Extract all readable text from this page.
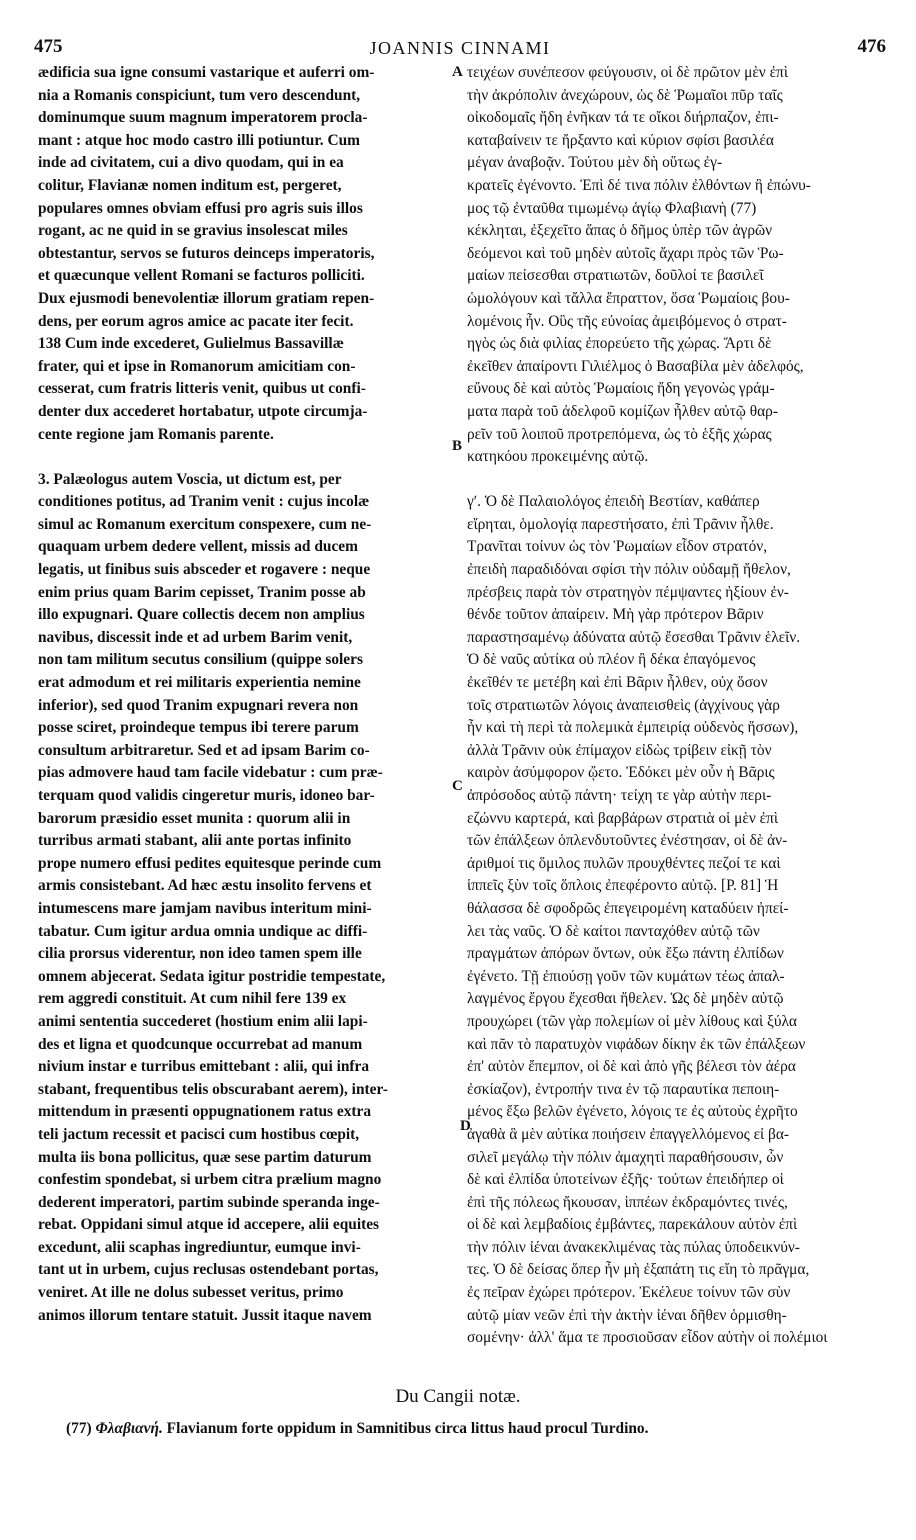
475	JOANNIS CINNAMI	476
ædificia sua igne consumi vastarique et auferri om-
nia a Romanis conspiciunt, tum vero descendunt,
dominumque suum magnum imperatorem procla-
mant : atque hoc modo castro illi potiuntur. Cum
inde ad civitatem, cui a divo quodam, qui in ea
colitur, Flavianæ nomen inditum est, pergeret,
populares omnes obviam effusi pro agris suis illos
rogant, ac ne quid in se gravius insolescat miles
obtestantur, servos se futuros deinceps imperatoris,
et quæcunque vellent Romani se facturos polliciti.
Dux ejusmodi benevolentiæ illorum gratiam repen-
dens, per eorum agros amice ac pacate iter fecit.
138 Cum inde excederet, Gulielmus Bassavillæ
frater, qui et ipse in Romanorum amicitiam con-
cesserat, cum fratris litteris venit, quibus ut confi-
denter dux accederet hortabatur, utpote circumja-
cente regione jam Romanis parente.
3. Palæologus autem Voscia, ut dictum est, per
conditiones potitus, ad Tranim venit : cujus incolæ
simul ac Romanum exercitum conspexere, cum ne-
quaquam urbem dedere vellent, missis ad ducem
legatis, ut finibus suis absceder et rogavere : neque
enim prius quam Barim cepisset, Tranim posse ab
illo expugnari. Quare collectis decem non amplius
navibus, discessit inde et ad urbem Barim venit,
non tam militum secutus consilium (quippe solers
erat admodum et rei militaris experientia nemine
inferior), sed quod Tranim expugnari revera non
posse sciret, proindeque tempus ibi terere parum
consultum arbitraretur. Sed et ad ipsam Barim co-
pias admovere haud tam facile videbatur : cum præ-
terquam quod validis cingeretur muris, idoneo bar-
barorum præsidio esset munita : quorum alii in
turribus armati stabant, alii ante portas infinito
prope numero effusi pedites equitesque perinde cum
armis consistebant. Ad hæc æstu insolito fervens et
intumescens mare jamjam navibus interitum mini-
tabatur. Cum igitur ardua omnia undique ac diffi-
cilia prorsus viderentur, non ideo tamen spem ille
omnem abjecerat. Sedata igitur postridie tempestate,
rem aggredi constituit. At cum nihil fere 139 ex
animi sententia succederet (hostium enim alii lapi-
des et ligna et quodcunque occurrebat ad manum
nivium instar e turribus emittebant : alii, qui infra
stabant, frequentibus telis obscurabant aerem), inter-
mittendum in præsenti oppugnationem ratus extra
teli jactum recessit et pacisci cum hostibus cœpit,
multa iis bona pollicitus, quæ sese partim daturum
confestim spondebat, si urbem citra prælium magno
dederent imperatori, partim subinde speranda inge-
rebat. Oppidani simul atque id accepere, alii equites
excedunt, alii scaphas ingrediuntur, eumque invi-
tant ut in urbem, cujus reclusas ostendebant portas,
veniret. At ille ne dolus subesset veritus, primo
animos illorum tentare statuit. Jussit itaque navem
τειχέων συνέπεσον φεύγουσιν, οἱ δὲ πρῶτον μὲν ἐπὶ
τὴν ἀκρόπολιν ἀνεχώρουν, ὡς δὲ Ῥωμαῖοι πῦρ ταῖς
οἰκοδομαῖς ἤδη ἐνῆκαν τά τε οἴκοι διήρπαζον, ἐπι-
καταβαίνειν τε ἤρξαντο καὶ κύριον σφίσι βασιλέα
μέγαν ἀναβοᾷν. Τούτου μὲν δὴ οὕτως ἐγ-
κρατεῖς ἐγένοντο. Ἐπὶ δέ τινα πόλιν ἐλθόντων ἣ ἐπώνυ-
μος τῷ ἐνταῦθα τιμωμένῳ ἁγίῳ Φλαβιανὴ (77)
κέκληται, ἐξεχεῖτο ἅπας ὁ δῆμος ὑπὲρ τῶν ἀγρῶν
δεόμενοι καὶ τοῦ μηδὲν αὐτοῖς ἄχαρι πρὸς τῶν Ῥω-
μαίων πείσεσθαι στρατιωτῶν, δοῦλοί τε βασιλεῖ
ὡμολόγουν καὶ τἄλλα ἔπραττον, ὅσα Ῥωμαίοις βου-
λομένοις ἦν. Οὓς τῆς εὐνοίας ἀμειβόμενος ὁ στρατ-
ηγὸς ὡς διὰ φιλίας ἐπορεύετο τῆς χώρας. Ἄρτι δὲ
ἐκεῖθεν ἀπαίροντι Γιλιέλμος ὁ Βασαβίλα μὲν ἀδελφός,
εὔνους δὲ καὶ αὐτὸς Ῥωμαίοις ἤδη γεγονὼς γράμ-
ματα παρὰ τοῦ ἀδελφοῦ κομίζων ἦλθεν αὐτῷ θαρ-
ρεῖν τοῦ λοιποῦ προτρεπόμενα, ὡς τὸ ἑξῆς χώρας
κατηκόου προκειμένης αὐτῷ.
γʹ. Ὁ δὲ Παλαιολόγος ἐπειδὴ Βεστίαν, καθάπερ
εἴρηται, ὁμολογίᾳ παρεστήσατο, ἐπὶ Τρᾶνιν ἦλθε.
Τρανῖται τοίνυν ὡς τὸν Ῥωμαίων εἶδον στρατόν,
ἐπειδὴ παραδιδόναι σφίσι τὴν πόλιν οὐδαμῇ ἤθελον,
πρέσβεις παρὰ τὸν στρατηγὸν πέμψαντες ἠξίουν ἐν-
θένδε τοῦτον ἀπαίρειν. Μὴ γὰρ πρότερον Βᾶριν
παραστησαμένῳ ἀδύνατα αὐτῷ ἔσεσθαι Τρᾶνιν ἑλεῖν.
Ὁ δὲ ναῦς αὐτίκα οὐ πλέον ἢ δέκα ἐπαγόμενος
ἐκεῖθέν τε μετέβη καὶ ἐπὶ Βᾶριν ἦλθεν, οὐχ ὅσον
τοῖς στρατιωτῶν λόγοις ἀναπεισθεὶς (ἀγχίνους γὰρ
ἦν καὶ τὴ περὶ τὰ πολεμικὰ ἐμπειρίᾳ οὐδενὸς ἥσσων),
ἀλλὰ Τρᾶνιν οὐκ ἐπίμαχον εἰδὼς τρίβειν εἰκῇ τὸν
καιρὸν ἀσύμφορον ᾤετο. Ἐδόκει μὲν οὖν ἡ Βᾶρις
ἀπρόσοδος αὐτῷ πάντη· τείχη τε γὰρ αὐτὴν περι-
εζώννυ καρτερά, καὶ βαρβάρων στρατιὰ οἱ μὲν ἐπὶ
τῶν ἐπάλξεων ὁπλενδυτοῦντες ἐνέστησαν, οἱ δὲ ἀν-
άριθμοί τις ὅμιλος πυλῶν προυχθέντες πεζοί τε καὶ
ἱππεῖς ξὺν τοῖς ὅπλοις ἐπεφέροντο αὐτῷ. [P. 81] Ἡ
θάλασσα δὲ σφοδρῶς ἐπεγειρομένη καταδύειν ἠπεί-
λει τὰς ναῦς. Ὁ δὲ καίτοι πανταχόθεν αὐτῷ τῶν
πραγμάτων ἀπόρων ὄντων, οὐκ ἔξω πάντη ἐλπίδων
ἐγένετο. Τῇ ἐπιούσῃ γοῦν τῶν κυμάτων τέως ἀπαλ-
λαγμένος ἔργου ἔχεσθαι ἤθελεν. Ὡς δὲ μηδὲν αὐτῷ
προυχώρει (τῶν γὰρ πολεμίων οἱ μὲν λίθους καὶ ξύλα
καὶ πᾶν τὸ παρατυχὸν νιφάδων δίκην ἐκ τῶν ἐπάλξεων
ἐπ' αὐτὸν ἔπεμπον, οἱ δὲ καὶ ἀπὸ γῆς βέλεσι τὸν ἀέρα
ἐσκίαζον), ἐντροπήν τινα ἐν τῷ παραυτίκα πεποιη-
μένος ἔξω βελῶν ἐγένετο, λόγοις τε ἐς αὐτοὺς ἐχρῆτο
ἀγαθὰ ἃ μὲν αὐτίκα ποιήσειν ἐπαγγελλόμενος εἰ βα-
σιλεῖ μεγάλῳ τὴν πόλιν ἀμαχητὶ παραθήσουσιν, ὧν
δὲ καὶ ἐλπίδα ὑποτείνων ἐξῆς· τούτων ἐπειδήπερ οἱ
ἐπὶ τῆς πόλεως ἤκουσαν, ἱππέων ἐκδραμόντες τινές,
οἱ δὲ καὶ λεμβαδίοις ἐμβάντες, παρεκάλουν αὐτὸν ἐπὶ
τὴν πόλιν ἰέναι ἀνακεκλιμένας τὰς πύλας ὑποδεικνύν-
τες. Ὁ δὲ δείσας ὅπερ ἦν μὴ ἐξαπάτη τις εἴη τὸ πρᾶγμα,
ἐς πεῖραν ἐχώρει πρότερον. Ἐκέλευε τοίνυν τῶν σὺν
αὐτῷ μίαν νεῶν ἐπὶ τὴν ἀκτὴν ἰέναι δῆθεν ὁρμισθη-
σομένην· ἀλλ' ἅμα τε προσιοῦσαν εἶδον αὐτὴν οἱ πολέμιοι
A
B
C
D
Du Cangii notæ.
(77) Φλαβιανή. Flavianum forte oppidum in Samnitibus circa littus haud procul Turdino.
